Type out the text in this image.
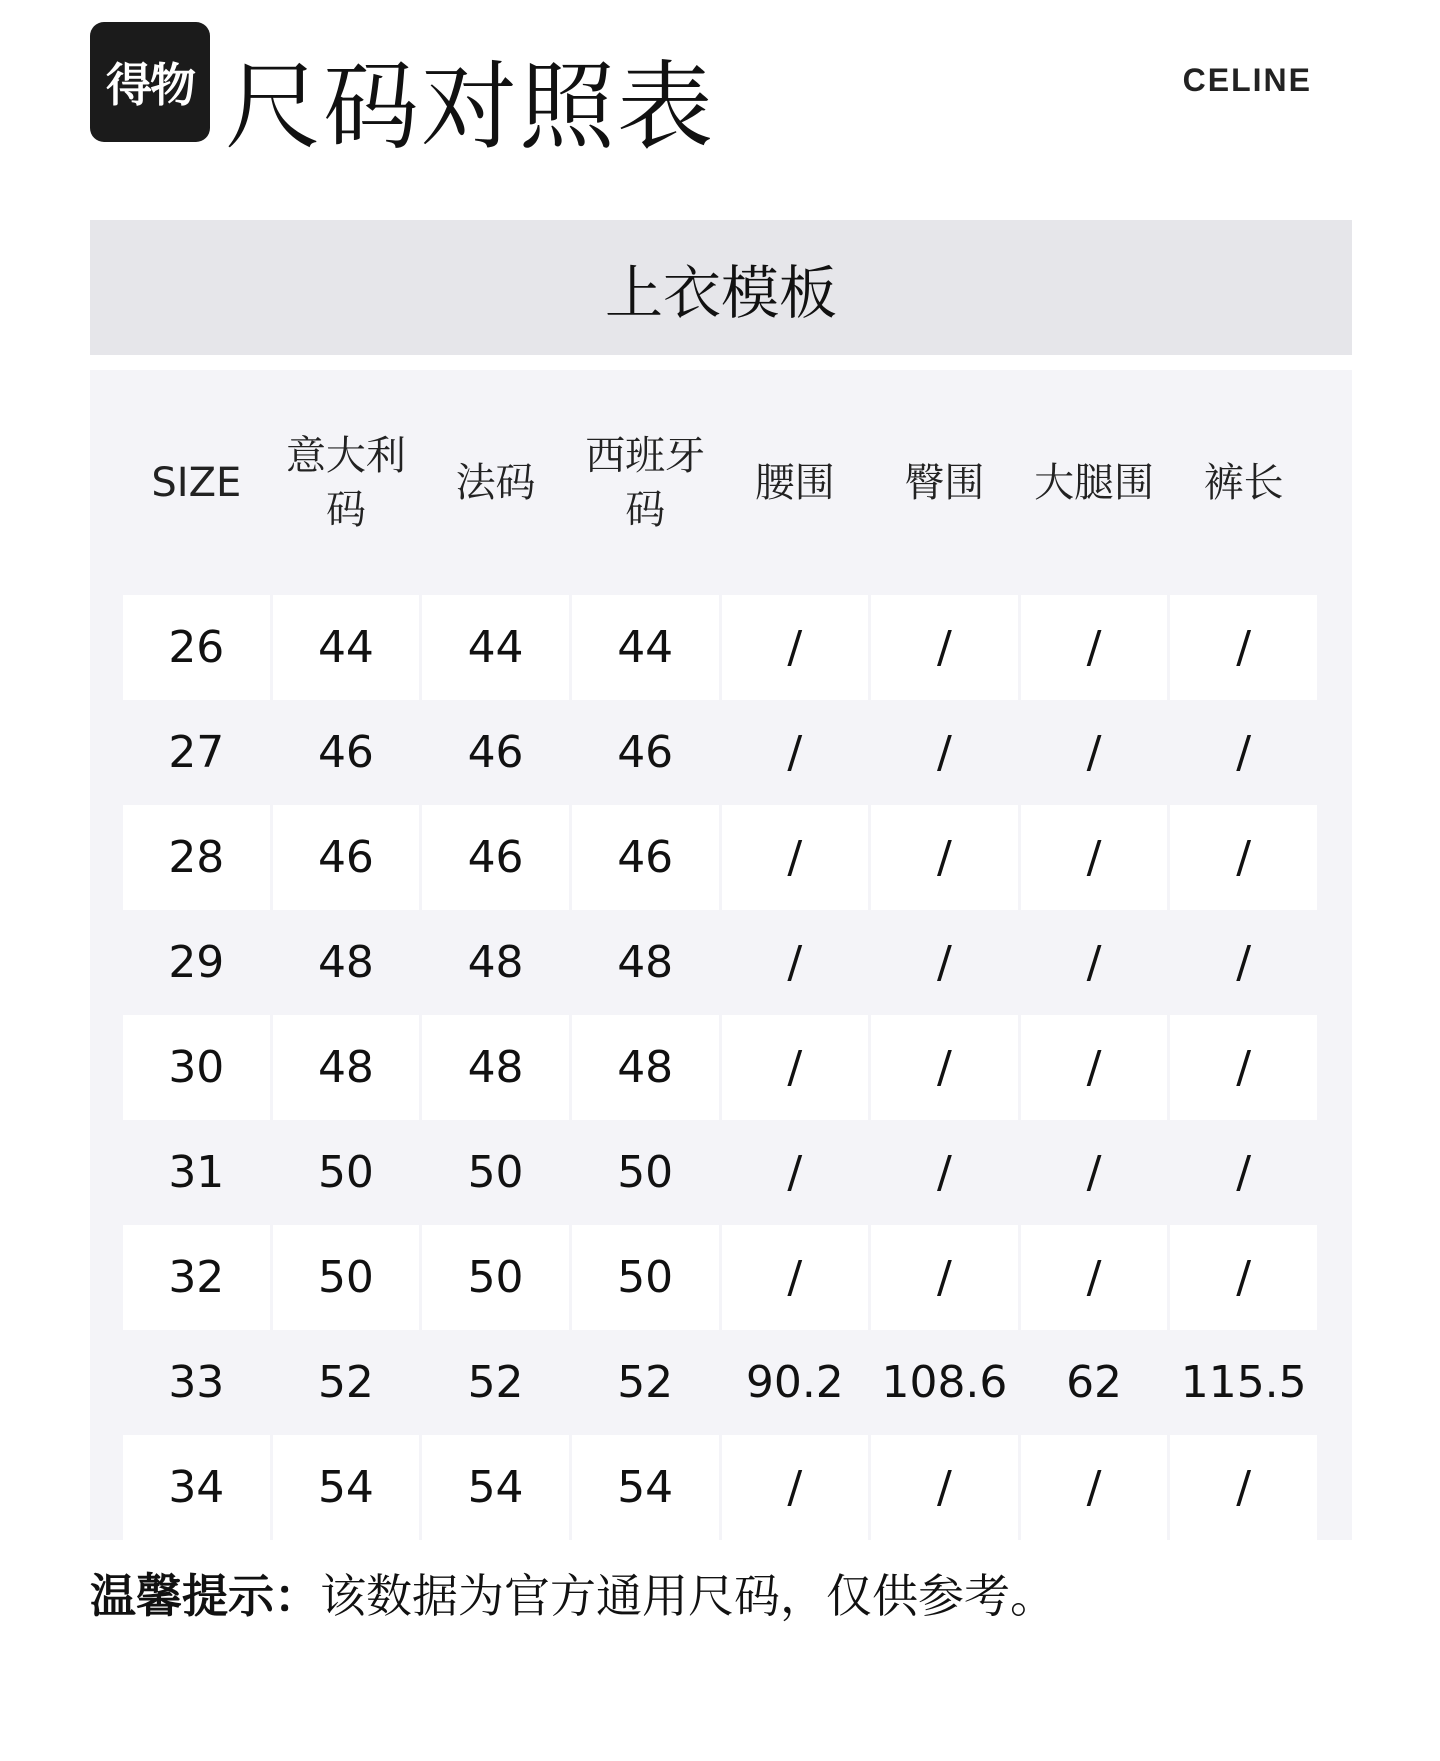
得物 尺码对照表	CELINE
上衣模板
SIZE	意大利码	法码	西班牙码	腰围	臀围	大腿围	裤长
26	44	44	44	/	/	/	/
27	46	46	46	/	/	/	/
28	46	46	46	/	/	/	/
29	48	48	48	/	/	/	/
30	48	48	48	/	/	/	/
31	50	50	50	/	/	/	/
32	50	50	50	/	/	/	/
33	52	52	52	90.2	108.6	62	115.5
34	54	54	54	/	/	/	/
温馨提示：该数据为官方通用尺码，仅供参考。
